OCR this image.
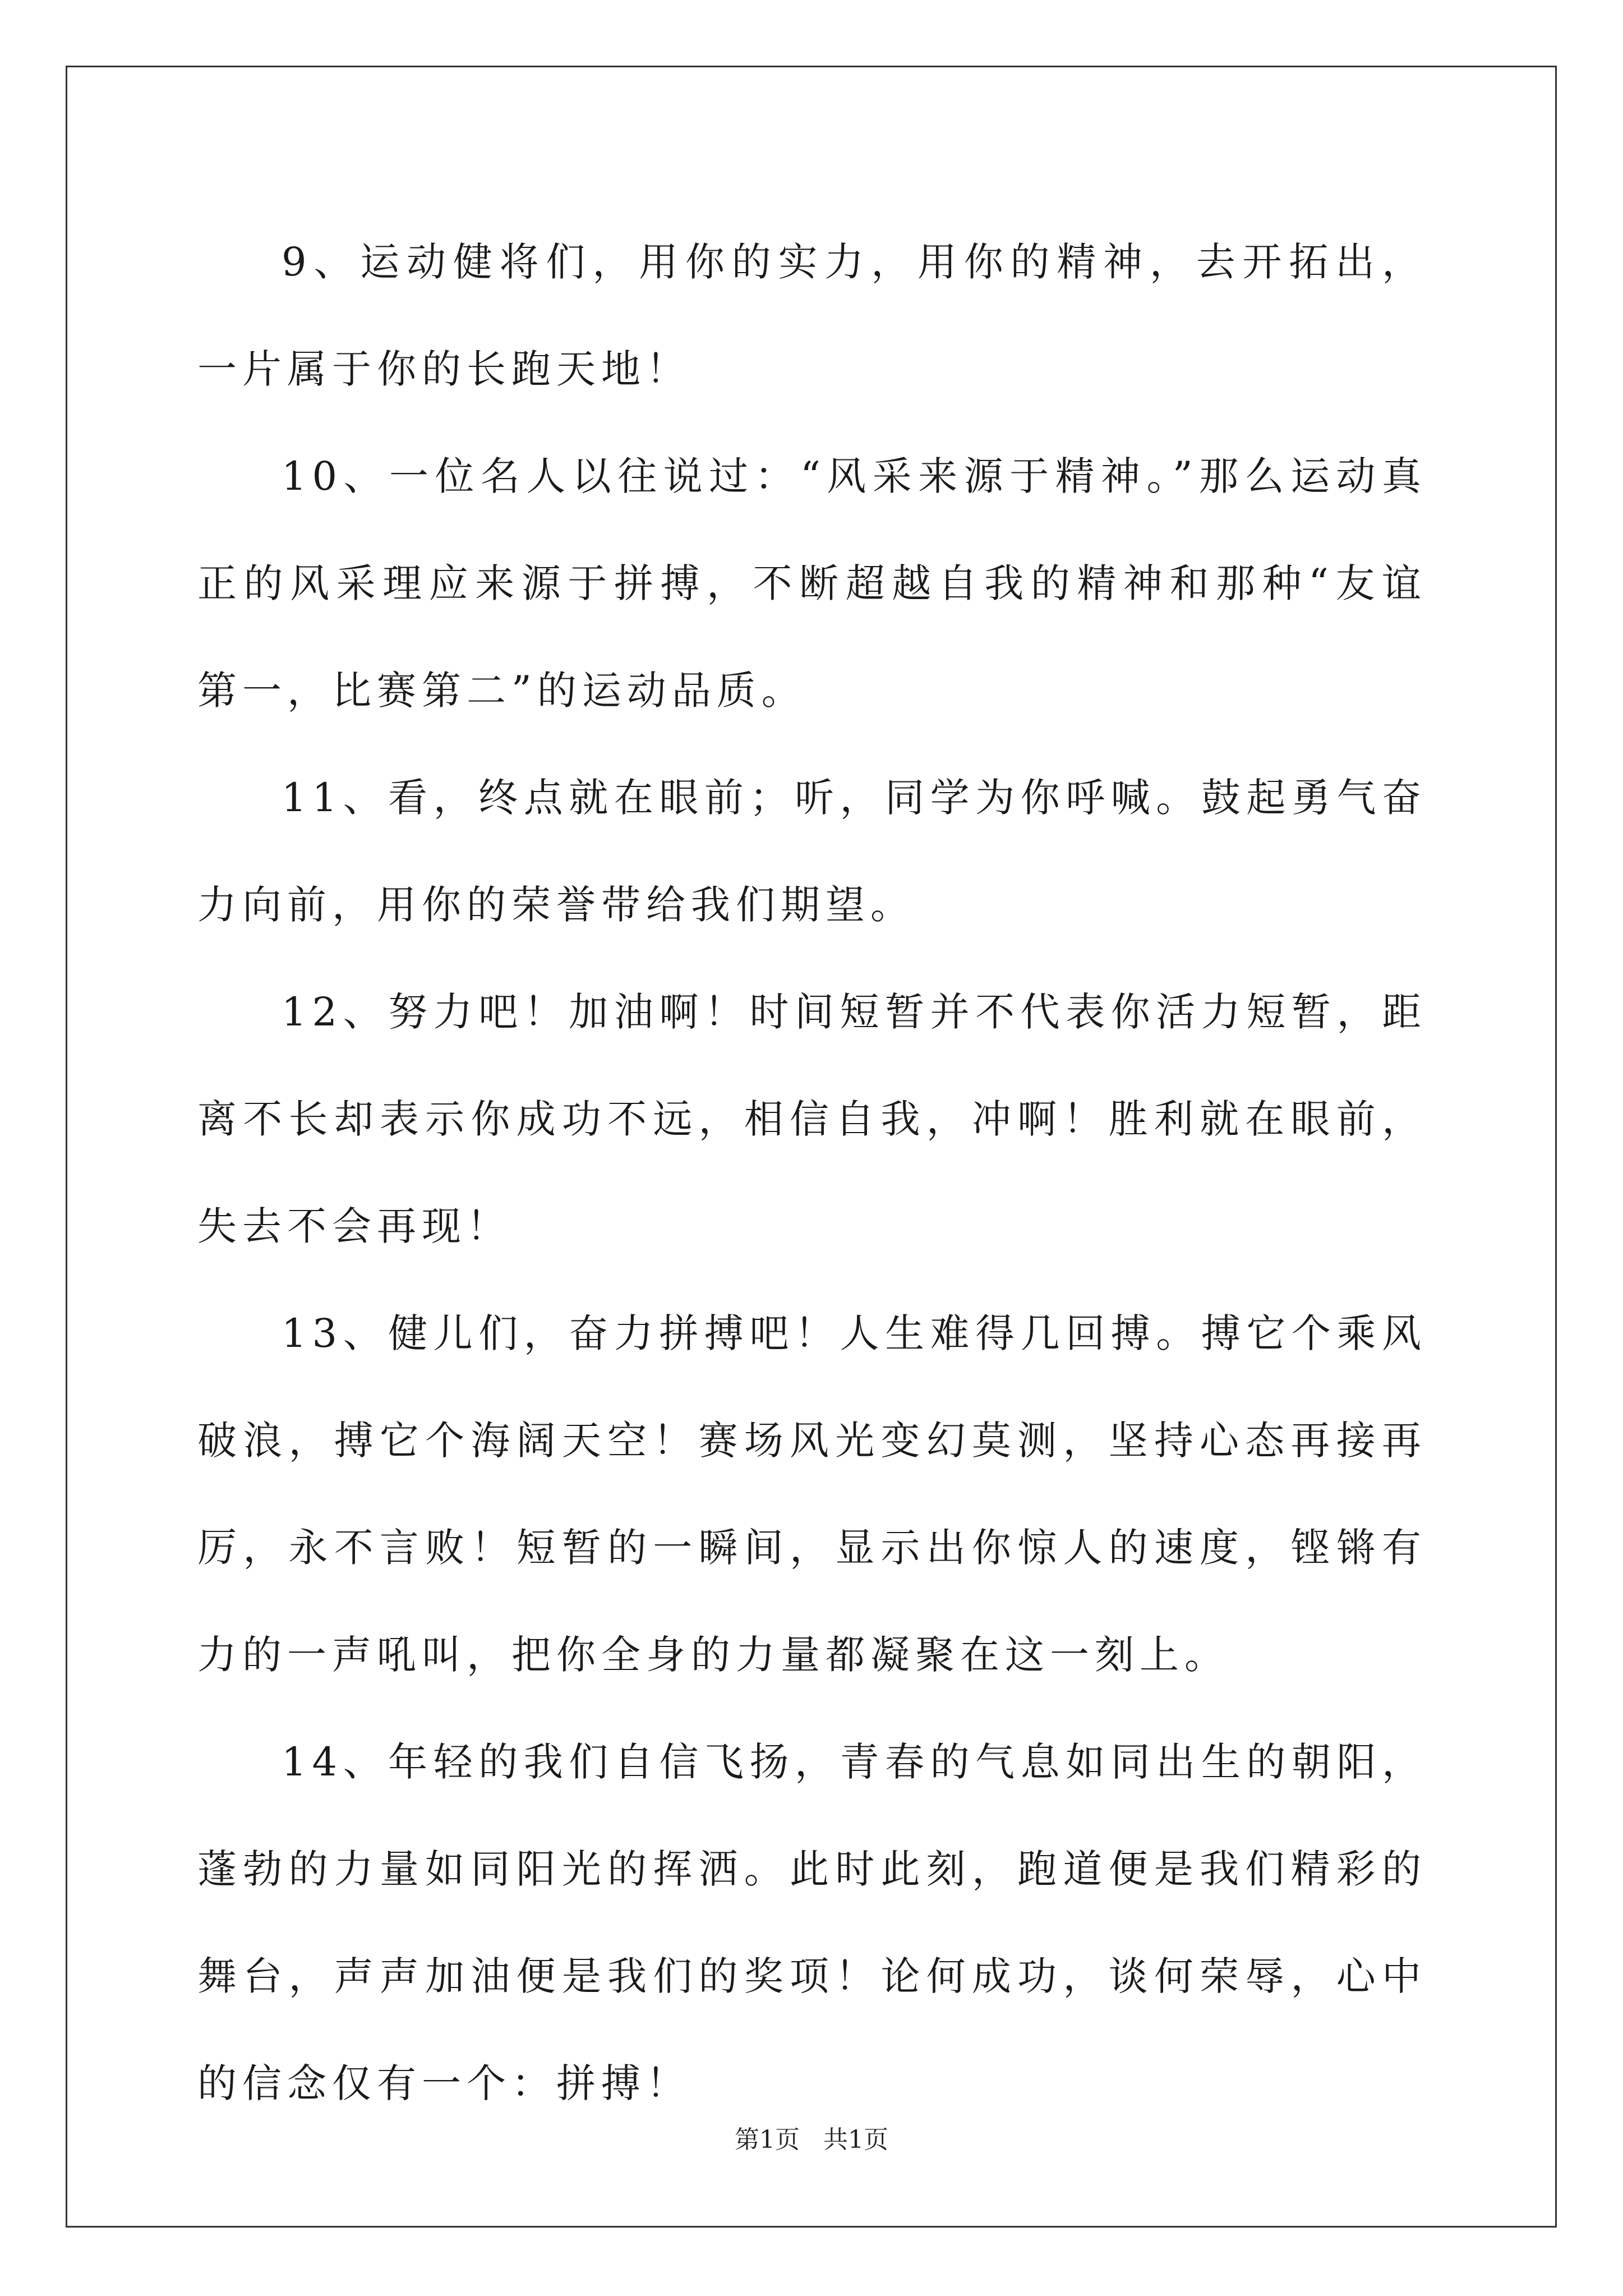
9、运动健将们，用你的实力，用你的精神，去开拓出，一片属于你的长跑天地！

10、一位名人以往说过：“风采来源于精神。”那么运动真正的风采理应来源于拼搏，不断超越自我的精神和那种“友谊第一，比赛第二”的运动品质。

11、看，终点就在眼前；听，同学为你呼喊。鼓起勇气奋力向前，用你的荣誉带给我们期望。

12、努力吧！加油啊！时间短暂并不代表你活力短暂，距离不长却表示你成功不远，相信自我，冲啊！胜利就在眼前，失去不会再现！

13、健儿们，奋力拼搏吧！人生难得几回搏。搏它个乘风破浪，搏它个海阔天空！赛场风光变幻莫测，坚持心态再接再厉，永不言败！短暂的一瞬间，显示出你惊人的速度，铿锵有力的一声吼叫，把你全身的力量都凝聚在这一刻上。

14、年轻的我们自信飞扬，青春的气息如同出生的朝阳，蓬勃的力量如同阳光的挥洒。此时此刻，跑道便是我们精彩的舞台，声声加油便是我们的奖项！论何成功，谈何荣辱，心中的信念仅有一个：拼搏！

第1页 共1页
